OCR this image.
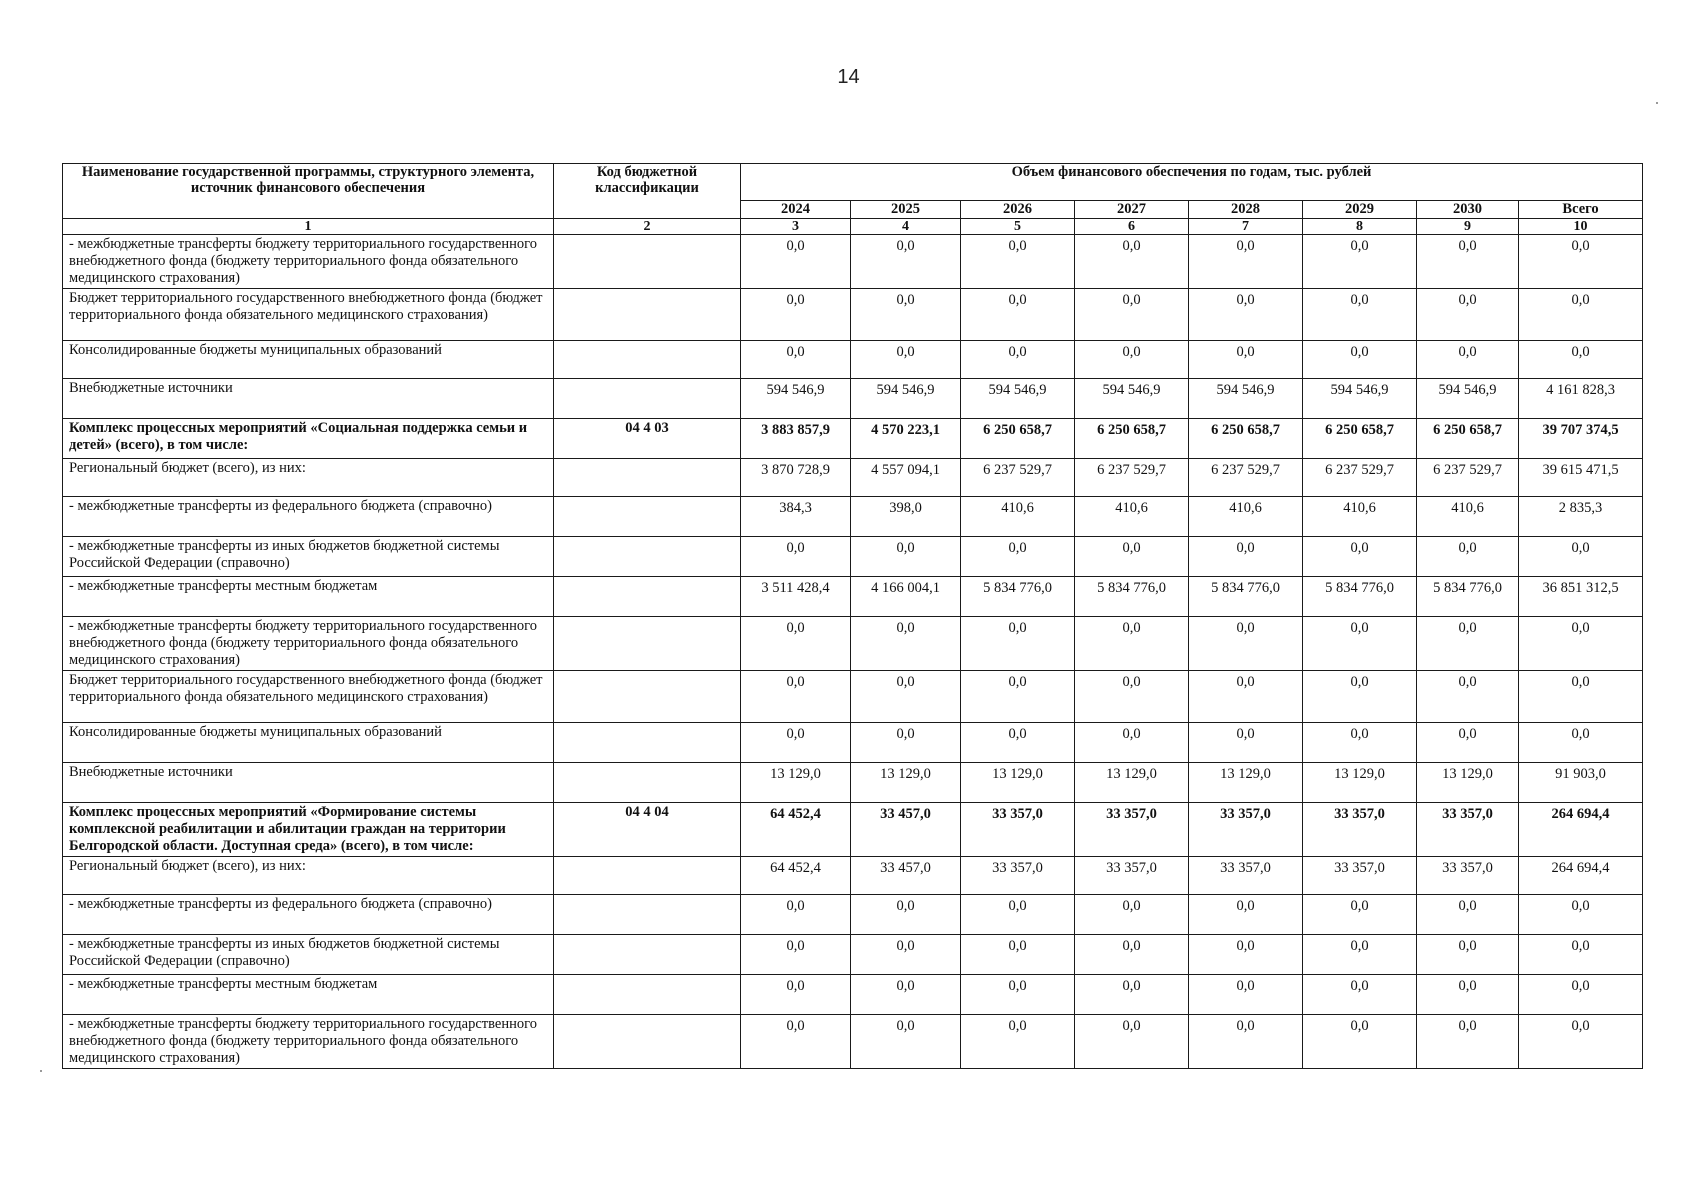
14
Наименование государственной программы, структурного элемента, источник финансового обеспечения	Код бюджетной классификации	Объем финансового обеспечения по годам, тыс. рублей							
		2024	2025	2026	2027	2028	2029	2030	Всего
1	2	3	4	5	6	7	8	9	10
- межбюджетные трансферты бюджету территориального государственного внебюджетного фонда (бюджету территориального фонда обязательного медицинского страхования)		0,0	0,0	0,0	0,0	0,0	0,0	0,0	0,0
Бюджет территориального государственного внебюджетного фонда (бюджет территориального фонда обязательного медицинского страхования)		0,0	0,0	0,0	0,0	0,0	0,0	0,0	0,0
Консолидированные бюджеты муниципальных образований		0,0	0,0	0,0	0,0	0,0	0,0	0,0	0,0
Внебюджетные источники		594 546,9	594 546,9	594 546,9	594 546,9	594 546,9	594 546,9	594 546,9	4 161 828,3
Комплекс процессных мероприятий «Социальная поддержка семьи и детей» (всего), в том числе:	04 4 03	3 883 857,9	4 570 223,1	6 250 658,7	6 250 658,7	6 250 658,7	6 250 658,7	6 250 658,7	39 707 374,5
Региональный бюджет (всего), из них:		3 870 728,9	4 557 094,1	6 237 529,7	6 237 529,7	6 237 529,7	6 237 529,7	6 237 529,7	39 615 471,5
- межбюджетные трансферты из федерального бюджета (справочно)		384,3	398,0	410,6	410,6	410,6	410,6	410,6	2 835,3
- межбюджетные трансферты из иных бюджетов бюджетной системы Российской Федерации (справочно)		0,0	0,0	0,0	0,0	0,0	0,0	0,0	0,0
- межбюджетные трансферты местным бюджетам		3 511 428,4	4 166 004,1	5 834 776,0	5 834 776,0	5 834 776,0	5 834 776,0	5 834 776,0	36 851 312,5
- межбюджетные трансферты бюджету территориального государственного внебюджетного фонда (бюджету территориального фонда обязательного медицинского страхования)		0,0	0,0	0,0	0,0	0,0	0,0	0,0	0,0
Бюджет территориального государственного внебюджетного фонда (бюджет территориального фонда обязательного медицинского страхования)		0,0	0,0	0,0	0,0	0,0	0,0	0,0	0,0
Консолидированные бюджеты муниципальных образований		0,0	0,0	0,0	0,0	0,0	0,0	0,0	0,0
Внебюджетные источники		13 129,0	13 129,0	13 129,0	13 129,0	13 129,0	13 129,0	13 129,0	91 903,0
Комплекс процессных мероприятий «Формирование системы комплексной реабилитации и абилитации граждан на территории Белгородской области. Доступная среда» (всего), в том числе:	04 4 04	64 452,4	33 457,0	33 357,0	33 357,0	33 357,0	33 357,0	33 357,0	264 694,4
Региональный бюджет (всего), из них:		64 452,4	33 457,0	33 357,0	33 357,0	33 357,0	33 357,0	33 357,0	264 694,4
- межбюджетные трансферты из федерального бюджета (справочно)		0,0	0,0	0,0	0,0	0,0	0,0	0,0	0,0
- межбюджетные трансферты из иных бюджетов бюджетной системы Российской Федерации (справочно)		0,0	0,0	0,0	0,0	0,0	0,0	0,0	0,0
- межбюджетные трансферты местным бюджетам		0,0	0,0	0,0	0,0	0,0	0,0	0,0	0,0
- межбюджетные трансферты бюджету территориального государственного внебюджетного фонда (бюджету территориального фонда обязательного медицинского страхования)		0,0	0,0	0,0	0,0	0,0	0,0	0,0	0,0
